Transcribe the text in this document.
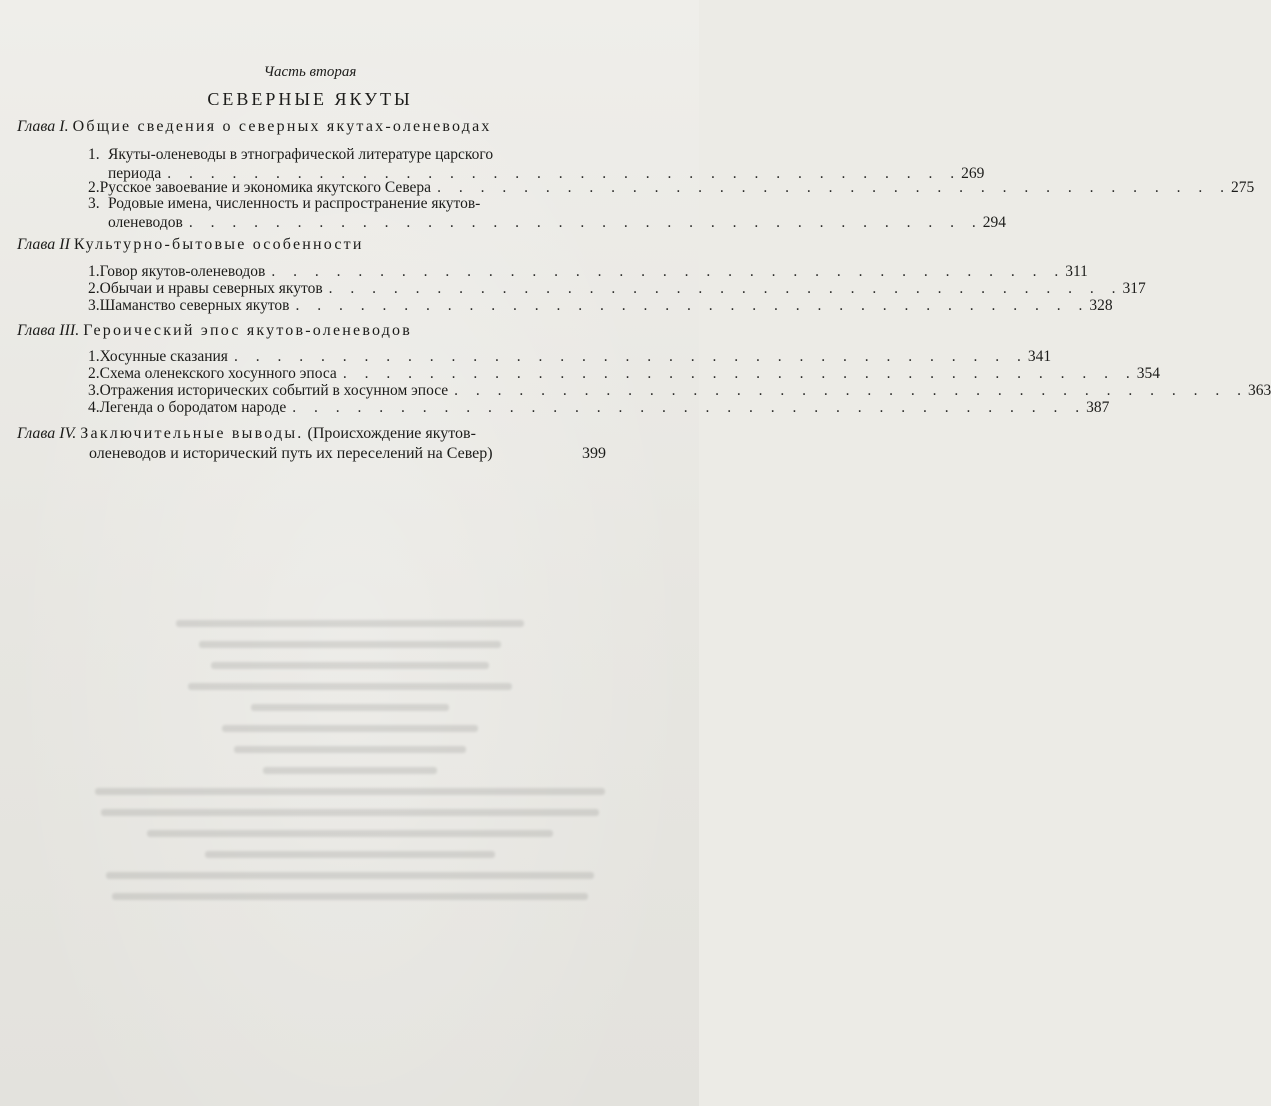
Часть вторая
СЕВЕРНЫЕ ЯКУТЫ
Глава I. Общие сведения о северных якутах-оленеводах
1. Якуты-оленеводы в этнографической литературе царского
периода . . . . . . . . . . . . . . . . . . . . . . . . . . . . . . . . . . . . . 269
2. Русское завоевание и экономика якутского Севера . . . . . . . . . . . . . . . . . . . . . . . . . . . . . . . . . . . . . 275
3. Родовые имена, численность и распространение якутов-
оленеводов . . . . . . . . . . . . . . . . . . . . . . . . . . . . . . . . . . . . . 294
Глава II Культурно-бытовые особенности
1. Говор якутов-оленеводов . . . . . . . . . . . . . . . . . . . . . . . . . . . . . . . . . . . . . 311
2. Обычаи и нравы северных якутов . . . . . . . . . . . . . . . . . . . . . . . . . . . . . . . . . . . . . 317
3. Шаманство северных якутов . . . . . . . . . . . . . . . . . . . . . . . . . . . . . . . . . . . . . 328
Глава III. Героический эпос якутов-оленеводов
1. Хосунные сказания . . . . . . . . . . . . . . . . . . . . . . . . . . . . . . . . . . . . . 341
2. Схема оленекского хосунного эпоса . . . . . . . . . . . . . . . . . . . . . . . . . . . . . . . . . . . . . 354
3. Отражения исторических событий в хосунном эпосе . . . . . . . . . . . . . . . . . . . . . . . . . . . . . . . . . . . . . 363
4. Легенда о бородатом народе . . . . . . . . . . . . . . . . . . . . . . . . . . . . . . . . . . . . . 387
Глава IV.
Заключительные выводы.
(Происхождение якутов-
оленеводов и исторический путь их переселений на Север)	399
